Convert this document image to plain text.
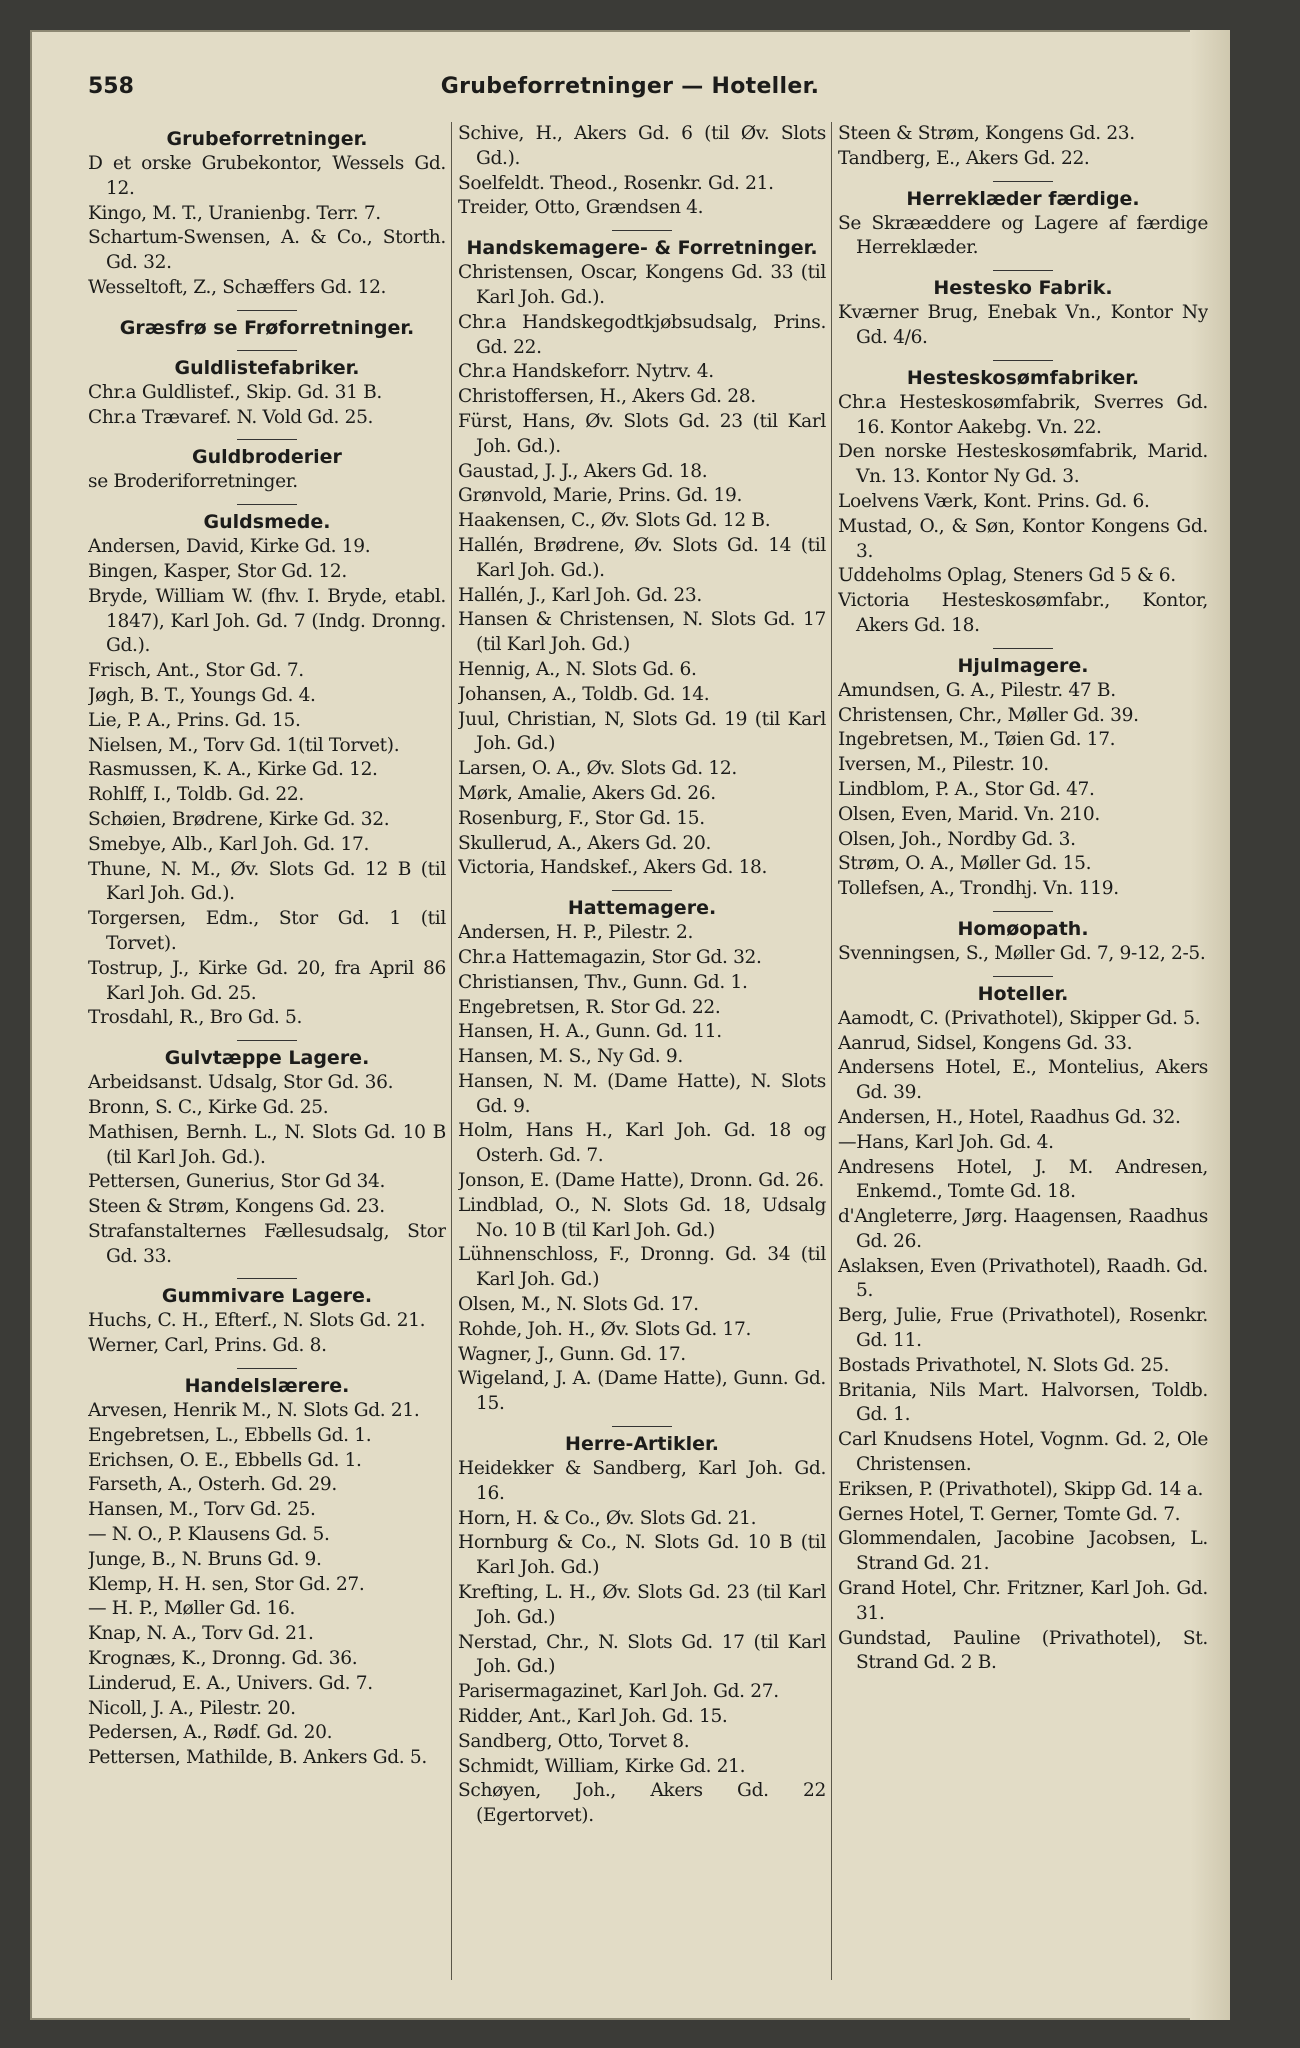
Grubeforretninger — Hoteller.
558
Grubeforretninger.
D et orske Grubekontor, Wessels Gd. 12.
Kingo, M. T., Uranienbg. Terr. 7.
Schartum-Swensen, A. & Co., Storth. Gd. 32.
Wesseltoft, Z., Schæffers Gd. 12.
Græsfrø se Frøforretninger.
Guldlistefabriker.
Chr.a Guldlistef., Skip. Gd. 31 B.
Chr.a Trævaref. N. Vold Gd. 25.
Guldbroderier
se Broderiforretninger.
Guldsmede.
Andersen, David, Kirke Gd. 19.
Bingen, Kasper, Stor Gd. 12.
Bryde, William W. (fhv. I. Bryde, etabl. 1847), Karl Joh. Gd. 7 (Indg. Dronng. Gd.).
Frisch, Ant., Stor Gd. 7.
Jøgh, B. T., Youngs Gd. 4.
Lie, P. A., Prins. Gd. 15.
Nielsen, M., Torv Gd. 1(til Torvet).
Rasmussen, K. A., Kirke Gd. 12.
Rohlff, I., Toldb. Gd. 22.
Schøien, Brødrene, Kirke Gd. 32.
Smebye, Alb., Karl Joh. Gd. 17.
Thune, N. M., Øv. Slots Gd. 12 B (til Karl Joh. Gd.).
Torgersen, Edm., Stor Gd. 1 (til Torvet).
Tostrup, J., Kirke Gd. 20, fra April 86 Karl Joh. Gd. 25.
Trosdahl, R., Bro Gd. 5.
Gulvtæppe Lagere.
Arbeidsanst. Udsalg, Stor Gd. 36.
Bronn, S. C., Kirke Gd. 25.
Mathisen, Bernh. L., N. Slots Gd. 10 B (til Karl Joh. Gd.).
Pettersen, Gunerius, Stor Gd 34.
Steen & Strøm, Kongens Gd. 23.
Strafanstalternes Fællesudsalg, Stor Gd. 33.
Gummivare Lagere.
Huchs, C. H., Efterf., N. Slots Gd. 21.
Werner, Carl, Prins. Gd. 8.
Handelslærere.
Arvesen, Henrik M., N. Slots Gd. 21.
Engebretsen, L., Ebbells Gd. 1.
Erichsen, O. E., Ebbells Gd. 1.
Farseth, A., Osterh. Gd. 29.
Hansen, M., Torv Gd. 25.
— N. O., P. Klausens Gd. 5.
Junge, B., N. Bruns Gd. 9.
Klemp, H. H. sen, Stor Gd. 27.
— H. P., Møller Gd. 16.
Knap, N. A., Torv Gd. 21.
Krognæs, K., Dronng. Gd. 36.
Linderud, E. A., Univers. Gd. 7.
Nicoll, J. A., Pilestr. 20.
Pedersen, A., Rødf. Gd. 20.
Pettersen, Mathilde, B. Ankers Gd. 5.
Schive, H., Akers Gd. 6 (til Øv. Slots Gd.).
Soelfeldt. Theod., Rosenkr. Gd. 21.
Treider, Otto, Grændsen 4.
Handskemagere- & Forretninger.
Christensen, Oscar, Kongens Gd. 33 (til Karl Joh. Gd.).
Chr.a Handskegodtkjøbsudsalg, Prins. Gd. 22.
Chr.a Handskeforr. Nytrv. 4.
Christoffersen, H., Akers Gd. 28.
Fürst, Hans, Øv. Slots Gd. 23 (til Karl Joh. Gd.).
Gaustad, J. J., Akers Gd. 18.
Grønvold, Marie, Prins. Gd. 19.
Haakensen, C., Øv. Slots Gd. 12 B.
Hallén, Brødrene, Øv. Slots Gd. 14 (til Karl Joh. Gd.).
Hallén, J., Karl Joh. Gd. 23.
Hansen & Christensen, N. Slots Gd. 17 (til Karl Joh. Gd.)
Hennig, A., N. Slots Gd. 6.
Johansen, A., Toldb. Gd. 14.
Juul, Christian, N, Slots Gd. 19 (til Karl Joh. Gd.)
Larsen, O. A., Øv. Slots Gd. 12.
Mørk, Amalie, Akers Gd. 26.
Rosenburg, F., Stor Gd. 15.
Skullerud, A., Akers Gd. 20.
Victoria, Handskef., Akers Gd. 18.
Hattemagere.
Andersen, H. P., Pilestr. 2.
Chr.a Hattemagazin, Stor Gd. 32.
Christiansen, Thv., Gunn. Gd. 1.
Engebretsen, R. Stor Gd. 22.
Hansen, H. A., Gunn. Gd. 11.
Hansen, M. S., Ny Gd. 9.
Hansen, N. M. (Dame Hatte), N. Slots Gd. 9.
Holm, Hans H., Karl Joh. Gd. 18 og Osterh. Gd. 7.
Jonson, E. (Dame Hatte), Dronn. Gd. 26.
Lindblad, O., N. Slots Gd. 18, Udsalg No. 10 B (til Karl Joh. Gd.)
Lühnenschloss, F., Dronng. Gd. 34 (til Karl Joh. Gd.)
Olsen, M., N. Slots Gd. 17.
Rohde, Joh. H., Øv. Slots Gd. 17.
Wagner, J., Gunn. Gd. 17.
Wigeland, J. A. (Dame Hatte), Gunn. Gd. 15.
Herre-Artikler.
Heidekker & Sandberg, Karl Joh. Gd. 16.
Horn, H. & Co., Øv. Slots Gd. 21.
Hornburg & Co., N. Slots Gd. 10 B (til Karl Joh. Gd.)
Krefting, L. H., Øv. Slots Gd. 23 (til Karl Joh. Gd.)
Nerstad, Chr., N. Slots Gd. 17 (til Karl Joh. Gd.)
Parisermagazinet, Karl Joh. Gd. 27.
Ridder, Ant., Karl Joh. Gd. 15.
Sandberg, Otto, Torvet 8.
Schmidt, William, Kirke Gd. 21.
Schøyen, Joh., Akers Gd. 22 (Egertorvet).
Steen & Strøm, Kongens Gd. 23.
Tandberg, E., Akers Gd. 22.
Herreklæder færdige.
Se Skrææddere og Lagere af færdige Herreklæder.
Hestesko Fabrik.
Kværner Brug, Enebak Vn., Kontor Ny Gd. 4/6.
Hesteskosømfabriker.
Chr.a Hesteskosømfabrik, Sverres Gd. 16. Kontor Aakebg. Vn. 22.
Den norske Hesteskosømfabrik, Marid. Vn. 13. Kontor Ny Gd. 3.
Loelvens Værk, Kont. Prins. Gd. 6.
Mustad, O., & Søn, Kontor Kongens Gd. 3.
Uddeholms Oplag, Steners Gd 5 & 6.
Victoria Hesteskosømfabr., Kontor, Akers Gd. 18.
Hjulmagere.
Amundsen, G. A., Pilestr. 47 B.
Christensen, Chr., Møller Gd. 39.
Ingebretsen, M., Tøien Gd. 17.
Iversen, M., Pilestr. 10.
Lindblom, P. A., Stor Gd. 47.
Olsen, Even, Marid. Vn. 210.
Olsen, Joh., Nordby Gd. 3.
Strøm, O. A., Møller Gd. 15.
Tollefsen, A., Trondhj. Vn. 119.
Homøopath.
Svenningsen, S., Møller Gd. 7, 9-12, 2-5.
Hoteller.
Aamodt, C. (Privathotel), Skipper Gd. 5.
Aanrud, Sidsel, Kongens Gd. 33.
Andersens Hotel, E., Montelius, Akers Gd. 39.
Andersen, H., Hotel, Raadhus Gd. 32.
—Hans, Karl Joh. Gd. 4.
Andresens Hotel, J. M. Andresen, Enkemd., Tomte Gd. 18.
d'Angleterre, Jørg. Haagensen, Raadhus Gd. 26.
Aslaksen, Even (Privathotel), Raadh. Gd. 5.
Berg, Julie, Frue (Privathotel), Rosenkr. Gd. 11.
Bostads Privathotel, N. Slots Gd. 25.
Britania, Nils Mart. Halvorsen, Toldb. Gd. 1.
Carl Knudsens Hotel, Vognm. Gd. 2, Ole Christensen.
Eriksen, P. (Privathotel), Skipp Gd. 14 a.
Gernes Hotel, T. Gerner, Tomte Gd. 7.
Glommendalen, Jacobine Jacobsen, L. Strand Gd. 21.
Grand Hotel, Chr. Fritzner, Karl Joh. Gd. 31.
Gundstad, Pauline (Privathotel), St. Strand Gd. 2 B.
